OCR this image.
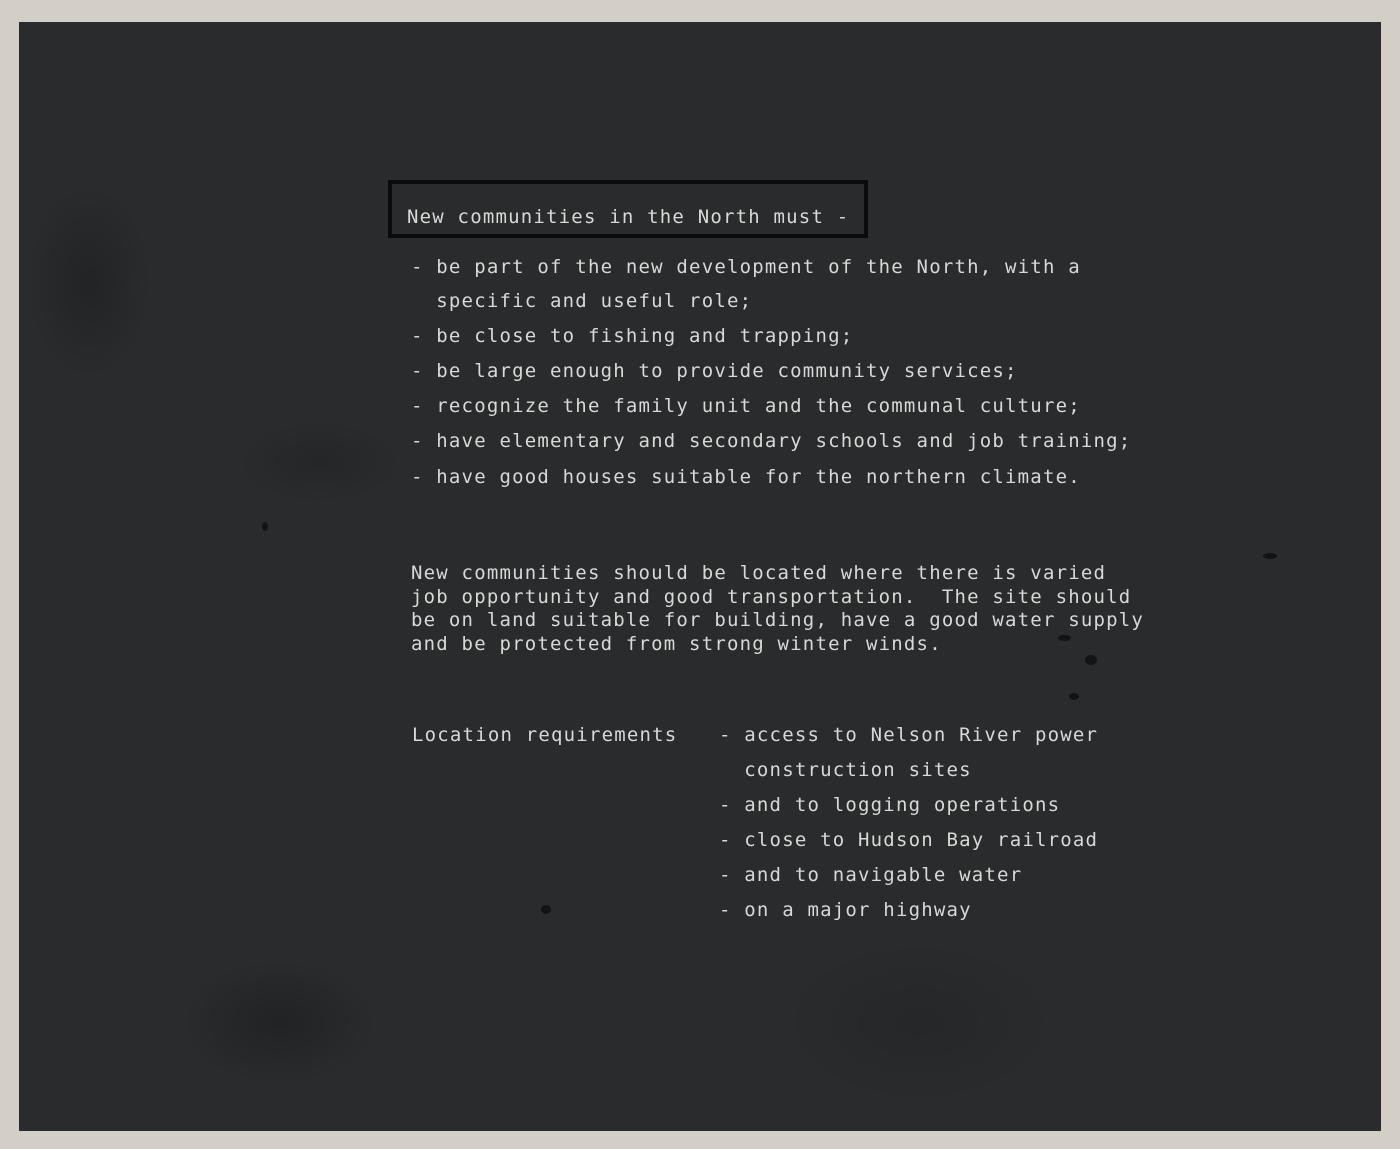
New communities in the North must -
- be part of the new development of the North, with a
specific and useful role;
- be close to fishing and trapping;
- be large enough to provide community services;
- recognize the family unit and the communal culture;
- have elementary and secondary schools and job training;
- have good houses suitable for the northern climate.
New communities should be located where there is varied
job opportunity and good transportation.  The site should
be on land suitable for building, have a good water supply
and be protected from strong winter winds.
Location requirements - access to Nelson River power
construction sites
- and to logging operations
- close to Hudson Bay railroad
- and to navigable water
- on a major highway
